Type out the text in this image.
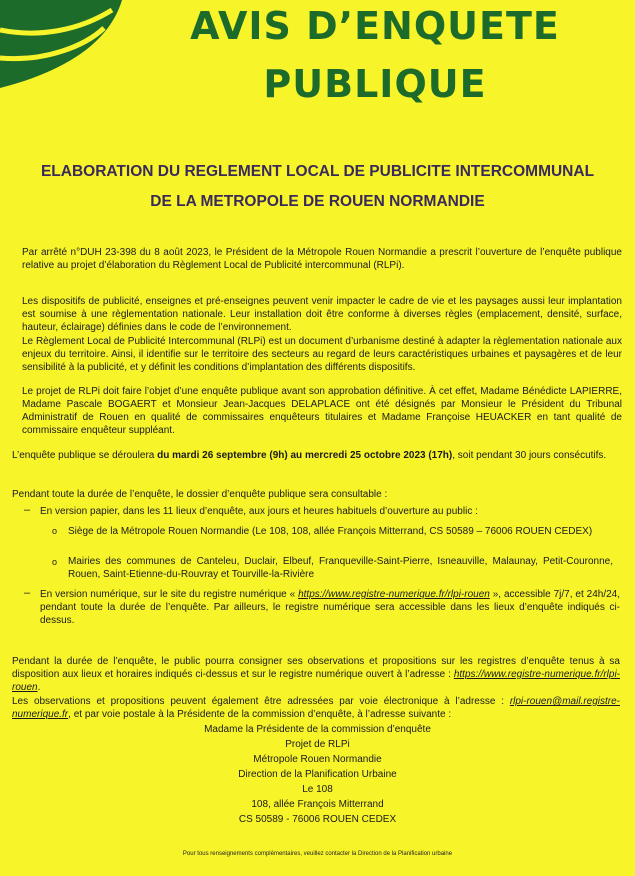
AVIS D’ENQUETE
PUBLIQUE
ELABORATION DU REGLEMENT LOCAL DE PUBLICITE INTERCOMMUNAL
DE LA METROPOLE DE ROUEN NORMANDIE

Par arrêté n°DUH 23-398 du 8 août 2023, le Président de la Métropole Rouen Normandie a prescrit l’ouverture de l’enquête publique relative au projet d’élaboration du Règlement Local de Publicité intercommunal (RLPi).

Les dispositifs de publicité, enseignes et pré-enseignes peuvent venir impacter le cadre de vie et les paysages aussi leur implantation est soumise à une règlementation nationale. Leur installation doit être conforme à diverses règles (emplacement, densité, surface, hauteur, éclairage) définies dans le code de l’environnement.

Le Règlement Local de Publicité Intercommunal (RLPi) est un document d’urbanisme destiné à adapter la règlementation nationale aux enjeux du territoire. Ainsi, il identifie sur le territoire des secteurs au regard de leurs caractéristiques urbaines et paysagères et de leur sensibilité à la publicité, et y définit les conditions d’implantation des différents dispositifs.

Le projet de RLPi doit faire l’objet d’une enquête publique avant son approbation définitive. À cet effet, Madame Bénédicte LAPIERRE, Madame Pascale BOGAERT et Monsieur Jean-Jacques DELAPLACE ont été désignés par Monsieur le Président du Tribunal Administratif de Rouen en qualité de commissaires enquêteurs titulaires et Madame Françoise HEUACKER en tant qualité de commissaire enquêteur suppléant.

L’enquête publique se déroulera du mardi 26 septembre (9h) au mercredi 25 octobre 2023 (17h), soit pendant 30 jours consécutifs.

Pendant toute la durée de l’enquête, le dossier d’enquête publique sera consultable :

– En version papier, dans les 11 lieux d’enquête, aux jours et heures habituels d’ouverture au public :

o Siège de la Métropole Rouen Normandie (Le 108, 108, allée François Mitterrand, CS 50589 – 76006 ROUEN CEDEX)

o Mairies des communes de Canteleu, Duclair, Elbeuf, Franqueville-Saint-Pierre, Isneauville, Malaunay, Petit-Couronne, Rouen, Saint-Etienne-du-Rouvray et Tourville-la-Rivière

– En version numérique, sur le site du registre numérique « https://www.registre-numerique.fr/rlpi-rouen », accessible 7j/7, et 24h/24, pendant toute la durée de l’enquête. Par ailleurs, le registre numérique sera accessible dans les lieux d’enquête indiqués ci-dessus.

Pendant la durée de l’enquête, le public pourra consigner ses observations et propositions sur les registres d’enquête tenus à sa disposition aux lieux et horaires indiqués ci-dessus et sur le registre numérique ouvert à l’adresse : https://www.registre-numerique.fr/rlpi-rouen.

Les observations et propositions peuvent également être adressées par voie électronique à l’adresse : rlpi-rouen@mail.registre-numerique.fr, et par voie postale à la Présidente de la commission d’enquête, à l’adresse suivante :

Madame la Présidente de la commission d’enquête
Projet de RLPi
Métropole Rouen Normandie
Direction de la Planification Urbaine
Le 108
108, allée François Mitterrand
CS 50589 - 76006 ROUEN CEDEX
Pour tous renseignements complémentaires, veuillez contacter la Direction de la Planification urbaine
